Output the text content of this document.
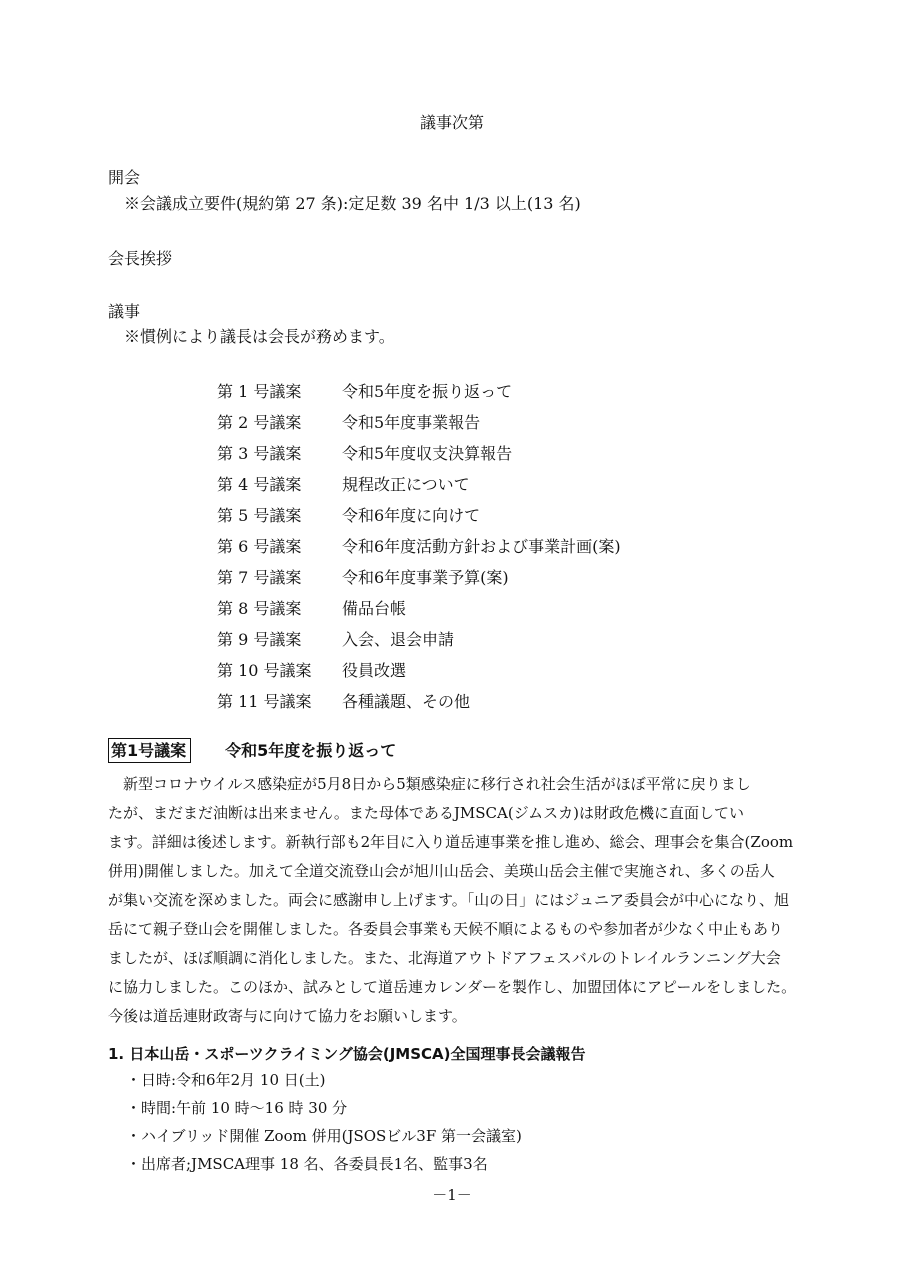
議事次第
開会
※会議成立要件(規約第 27 条):定足数 39 名中 1/3 以上(13 名)
会長挨拶
議事
※慣例により議長は会長が務めます。
第 1 号議案	令和5年度を振り返って
第 2 号議案	令和5年度事業報告
第 3 号議案	令和5年度収支決算報告
第 4 号議案	規程改正について
第 5 号議案	令和6年度に向けて
第 6 号議案	令和6年度活動方針および事業計画(案)
第 7 号議案	令和6年度事業予算(案)
第 8 号議案	備品台帳
第 9 号議案	入会、退会申請
第 10 号議案 役員改選
第 11 号議案 各種議題、その他
第1号議案 令和5年度を振り返って
　新型コロナウイルス感染症が5月8日から5類感染症に移行され社会生活がほぼ平常に戻りまし
たが、まだまだ油断は出来ません。また母体であるJMSCA(ジムスカ)は財政危機に直面してい
ます。詳細は後述します。新執行部も2年目に入り道岳連事業を推し進め、総会、理事会を集合(Zoom
併用)開催しました。加えて全道交流登山会が旭川山岳会、美瑛山岳会主催で実施され、多くの岳人
が集い交流を深めました。両会に感謝申し上げます。「山の日」にはジュニア委員会が中心になり、旭
岳にて親子登山会を開催しました。各委員会事業も天候不順によるものや参加者が少なく中止もあり
ましたが、ほぼ順調に消化しました。また、北海道アウトドアフェスバルのトレイルランニング大会
に協力しました。このほか、試みとして道岳連カレンダーを製作し、加盟団体にアピールをしました。
今後は道岳連財政寄与に向けて協力をお願いします。
1. 日本山岳・スポーツクライミング協会(JMSCA)全国理事長会議報告
・日時:令和6年2月 10 日(土)
・時間:午前 10 時～16 時 30 分
・ハイブリッド開催 Zoom 併用(JSOSビル3F 第一会議室)
・出席者;JMSCA理事 18 名、各委員長1名、監事3名
－1－
